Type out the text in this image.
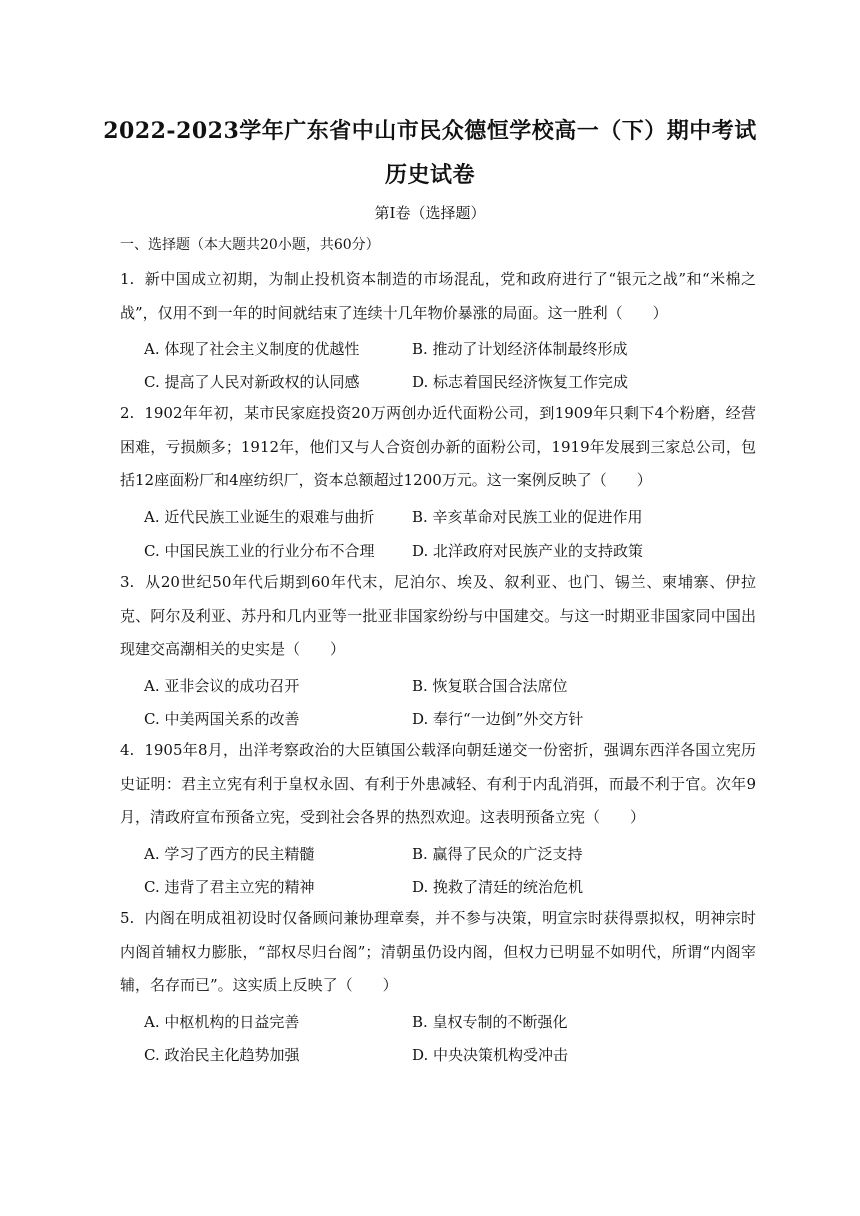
2022-2023学年广东省中山市民众德恒学校高一（下）期中考试
历史试卷
第I卷（选择题）
一、选择题（本大题共20小题，共60分）
1. 新中国成立初期，为制止投机资本制造的市场混乱，党和政府进行了“银元之战”和“米棉之战”，仅用不到一年的时间就结束了连续十几年物价暴涨的局面。这一胜利（　　）
A. 体现了社会主义制度的优越性	B. 推动了计划经济体制最终形成
C. 提高了人民对新政权的认同感	D. 标志着国民经济恢复工作完成
2. 1902年年初，某市民家庭投资20万两创办近代面粉公司，到1909年只剩下4个粉磨，经营困难，亏损颇多；1912年，他们又与人合资创办新的面粉公司，1919年发展到三家总公司，包括12座面粉厂和4座纺织厂，资本总额超过1200万元。这一案例反映了（　　）
A. 近代民族工业诞生的艰难与曲折	B. 辛亥革命对民族工业的促进作用
C. 中国民族工业的行业分布不合理	D. 北洋政府对民族产业的支持政策
3. 从20世纪50年代后期到60年代末，尼泊尔、埃及、叙利亚、也门、锡兰、柬埔寨、伊拉克、阿尔及利亚、苏丹和几内亚等一批亚非国家纷纷与中国建交。与这一时期亚非国家同中国出现建交高潮相关的史实是（　　）
A. 亚非会议的成功召开	B. 恢复联合国合法席位
C. 中美两国关系的改善	D. 奉行“一边倒”外交方针
4. 1905年8月，出洋考察政治的大臣镇国公载泽向朝廷递交一份密折，强调东西洋各国立宪历史证明：君主立宪有利于皇权永固、有利于外患减轻、有利于内乱消弭，而最不利于官。次年9月，清政府宣布预备立宪，受到社会各界的热烈欢迎。这表明预备立宪（　　）
A. 学习了西方的民主精髓	B. 赢得了民众的广泛支持
C. 违背了君主立宪的精神	D. 挽救了清廷的统治危机
5. 内阁在明成祖初设时仅备顾问兼协理章奏，并不参与决策，明宣宗时获得票拟权，明神宗时内阁首辅权力膨胀，“部权尽归台阁”；清朝虽仍设内阁，但权力已明显不如明代，所谓“内阁宰辅，名存而已”。这实质上反映了（　　）
A. 中枢机构的日益完善	B. 皇权专制的不断强化
C. 政治民主化趋势加强	D. 中央决策机构受冲击
